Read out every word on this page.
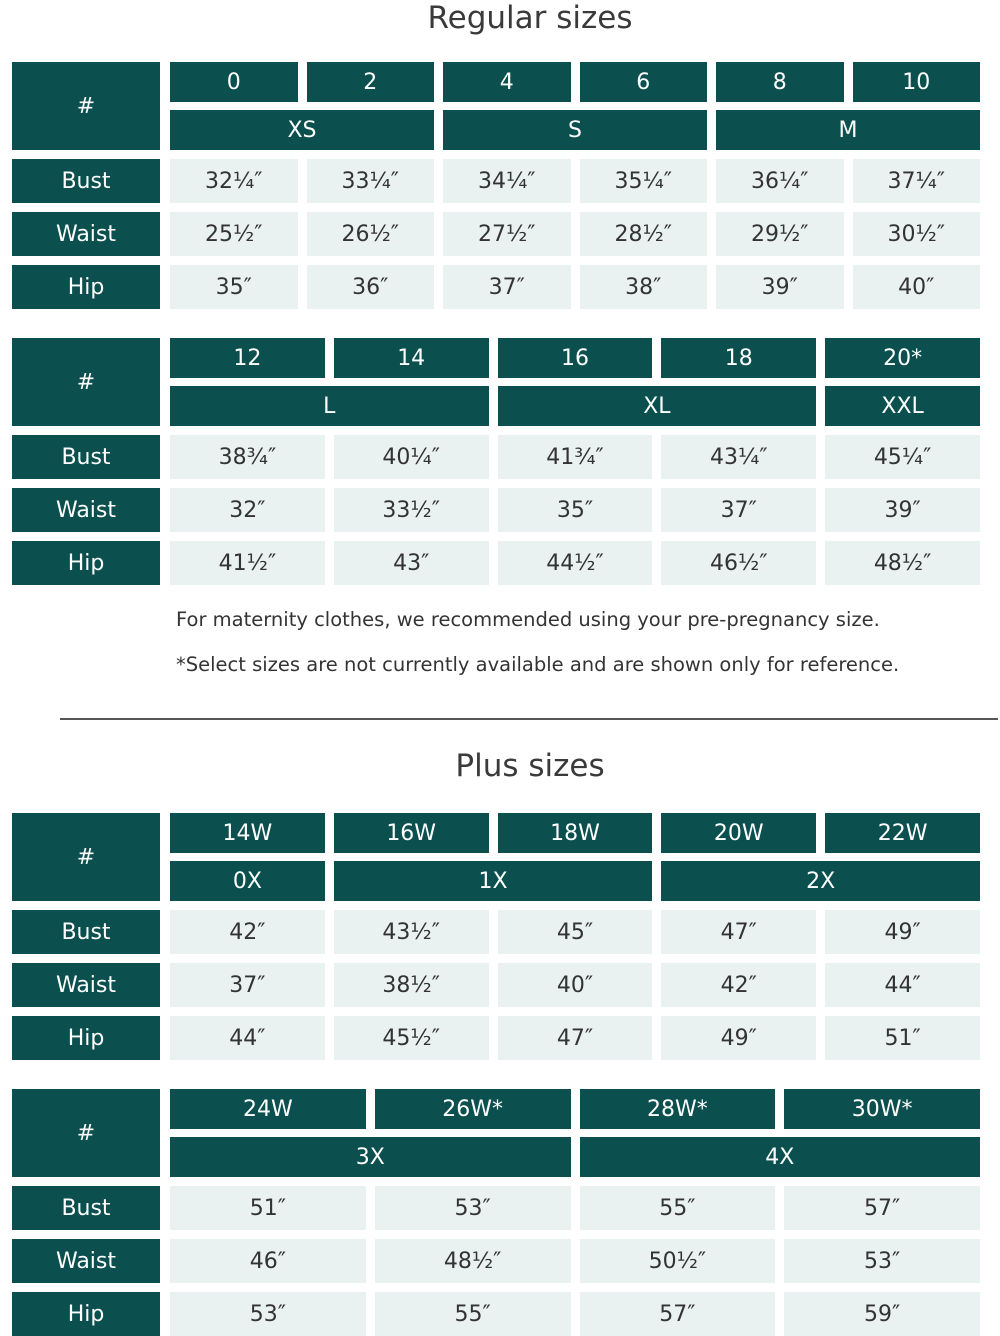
Regular sizes
#
0	2	4	6	8	10
XS	S	M
Bust	32¼″	33¼″	34¼″	35¼″	36¼″	37¼″
Waist	25½″	26½″	27½″	28½″	29½″	30½″
Hip	35″	36″	37″	38″	39″	40″
#
12	14	16	18	20*
L	XL	XXL
Bust	38¾″	40¼″	41¾″	43¼″	45¼″
Waist	32″	33½″	35″	37″	39″
Hip	41½″	43″	44½″	46½″	48½″

For maternity clothes, we recommended using your pre-pregnancy size.

*Select sizes are not currently available and are shown only for reference.

Plus sizes
#
14W	16W	18W	20W	22W
0X	1X	2X
Bust	42″	43½″	45″	47″	49″
Waist	37″	38½″	40″	42″	44″
Hip	44″	45½″	47″	49″	51″
#
24W	26W*	28W*	30W*
3X	4X
Bust	51″	53″	55″	57″
Waist	46″	48½″	50½″	53″
Hip	53″	55″	57″	59″
